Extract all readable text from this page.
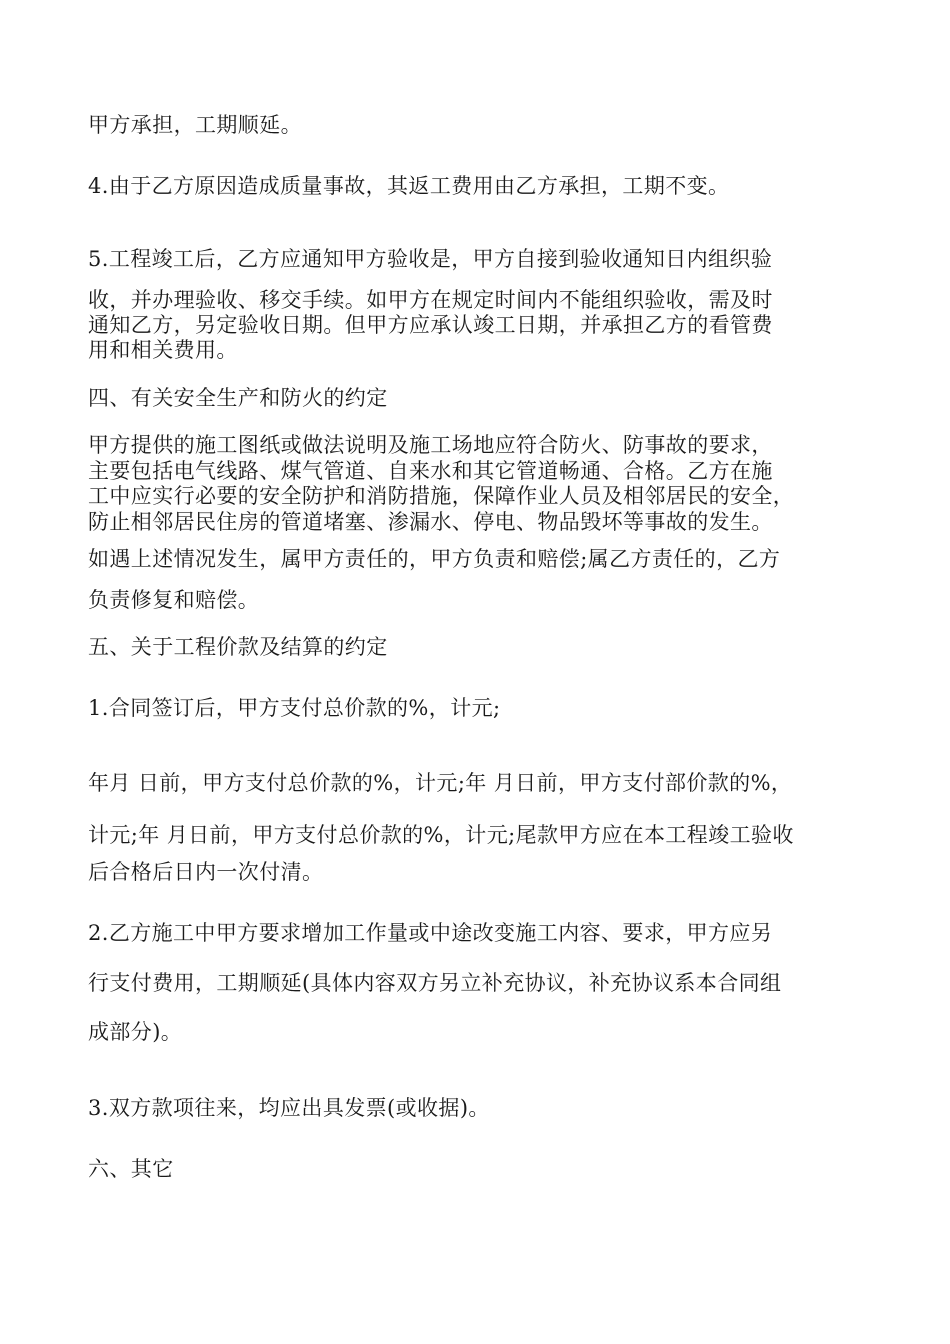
甲方承担，工期顺延。
4.由于乙方原因造成质量事故，其返工费用由乙方承担，工期不变。
5.工程竣工后，乙方应通知甲方验收是，甲方自接到验收通知日内组织验
收，并办理验收、移交手续。如甲方在规定时间内不能组织验收，需及时
通知乙方，另定验收日期。但甲方应承认竣工日期，并承担乙方的看管费
用和相关费用。
四、有关安全生产和防火的约定
甲方提供的施工图纸或做法说明及施工场地应符合防火、防事故的要求，
主要包括电气线路、煤气管道、自来水和其它管道畅通、合格。乙方在施
工中应实行必要的安全防护和消防措施，保障作业人员及相邻居民的安全，
防止相邻居民住房的管道堵塞、渗漏水、停电、物品毁坏等事故的发生。
如遇上述情况发生，属甲方责任的，甲方负责和赔偿;属乙方责任的，乙方
负责修复和赔偿。
五、关于工程价款及结算的约定
1.合同签订后，甲方支付总价款的%，计元;
年月 日前，甲方支付总价款的%，计元;年 月日前，甲方支付部价款的%，
计元;年 月日前，甲方支付总价款的%，计元;尾款甲方应在本工程竣工验收
后合格后日内一次付清。
2.乙方施工中甲方要求增加工作量或中途改变施工内容、要求，甲方应另
行支付费用，工期顺延(具体内容双方另立补充协议，补充协议系本合同组
成部分)。
3.双方款项往来，均应出具发票(或收据)。
六、其它
